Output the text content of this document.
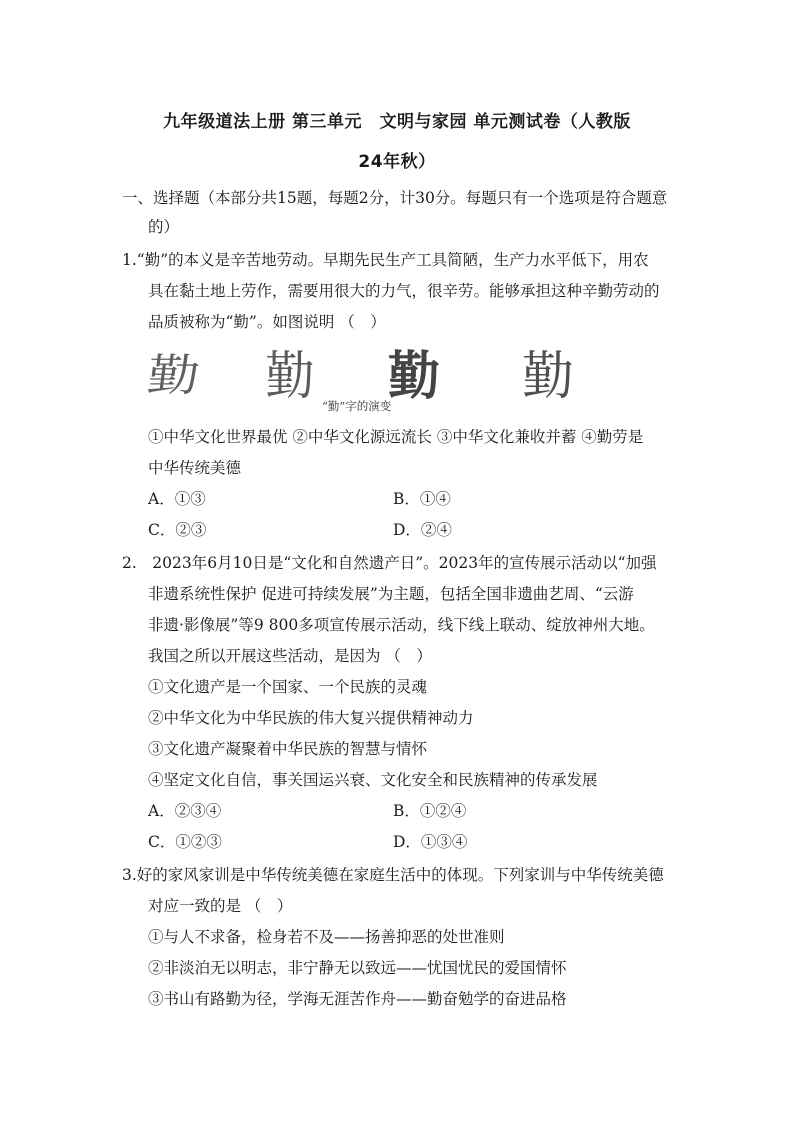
九年级道法上册 第三单元　文明与家园 单元测试卷（人教版
24年秋）
一、选择题（本部分共15题，每题2分，计30分。每题只有一个选项是符合题意
的）
1.“勤”的本义是辛苦地劳动。早期先民生产工具简陋，生产力水平低下，用农
具在黏土地上劳作，需要用很大的力气，很辛劳。能够承担这种辛勤劳动的
品质被称为“勤”。如图说明 （　）
勤 勤 勤 勤
“勤”字的演变
①中华文化世界最优 ②中华文化源远流长 ③中华文化兼收并蓄 ④勤劳是
中华传统美德
A．①③	B．①④
C．②③	D．②④
2.　2023年6月10日是“文化和自然遗产日”。2023年的宣传展示活动以“加强
非遗系统性保护 促进可持续发展”为主题，包括全国非遗曲艺周、“云游
非遗·影像展”等9 800多项宣传展示活动，线下线上联动、绽放神州大地。
我国之所以开展这些活动，是因为 （　）
①文化遗产是一个国家、一个民族的灵魂
②中华文化为中华民族的伟大复兴提供精神动力
③文化遗产凝聚着中华民族的智慧与情怀
④坚定文化自信，事关国运兴衰、文化安全和民族精神的传承发展
A．②③④	B．①②④
C．①②③	D．①③④
3.好的家风家训是中华传统美德在家庭生活中的体现。下列家训与中华传统美德
对应一致的是 （　）
①与人不求备，检身若不及——扬善抑恶的处世准则
②非淡泊无以明志，非宁静无以致远——忧国忧民的爱国情怀
③书山有路勤为径，学海无涯苦作舟——勤奋勉学的奋进品格
